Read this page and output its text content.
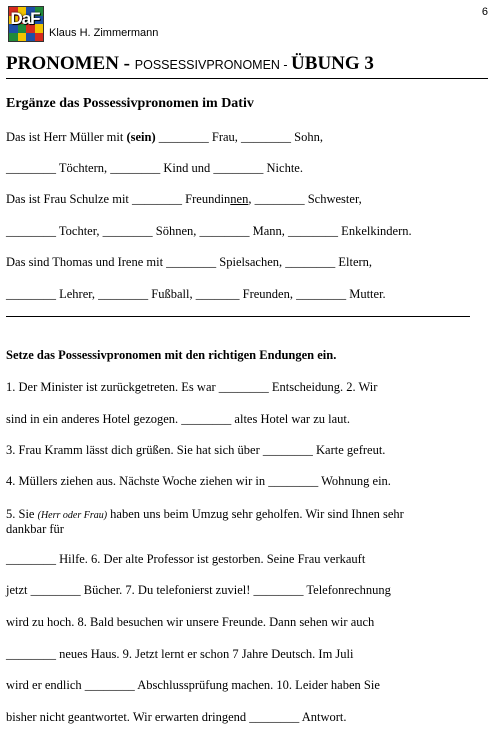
DaF
Klaus H. Zimmermann
6
PRONOMEN - POSSESSIVPRONOMEN - ÜBUNG 3
Ergänze das Possessivpronomen im Dativ
Das ist Herr Müller mit (sein) ________ Frau, ________ Sohn,
________ Töchtern, ________ Kind und ________ Nichte.
Das ist Frau Schulze mit ________ Freundinnen, ________ Schwester,
________ Tochter, ________ Söhnen, ________ Mann, ________ Enkelkindern.
Das sind Thomas und Irene mit ________ Spielsachen, ________ Eltern,
________ Lehrer, ________ Fußball, _______ Freunden, ________ Mutter.
Setze das Possessivpronomen mit den richtigen Endungen ein.
1. Der Minister ist zurückgetreten. Es war ________ Entscheidung. 2. Wir
sind in ein anderes Hotel gezogen. ________ altes Hotel war zu laut.
3. Frau Kramm lässt dich grüßen. Sie hat sich über ________ Karte gefreut.
4. Müllers ziehen aus. Nächste Woche ziehen wir in ________ Wohnung ein.
5. Sie (Herr oder Frau) haben uns beim Umzug sehr geholfen. Wir sind Ihnen sehr
dankbar für
________ Hilfe. 6. Der alte Professor ist gestorben. Seine Frau verkauft
jetzt ________ Bücher. 7. Du telefonierst zuviel! ________ Telefonrechnung
wird zu hoch. 8. Bald besuchen wir unsere Freunde. Dann sehen wir auch
________ neues Haus. 9. Jetzt lernt er schon 7 Jahre Deutsch. Im Juli
wird er endlich ________ Abschlussprüfung machen. 10. Leider haben Sie
bisher nicht geantwortet. Wir erwarten dringend ________ Antwort.
